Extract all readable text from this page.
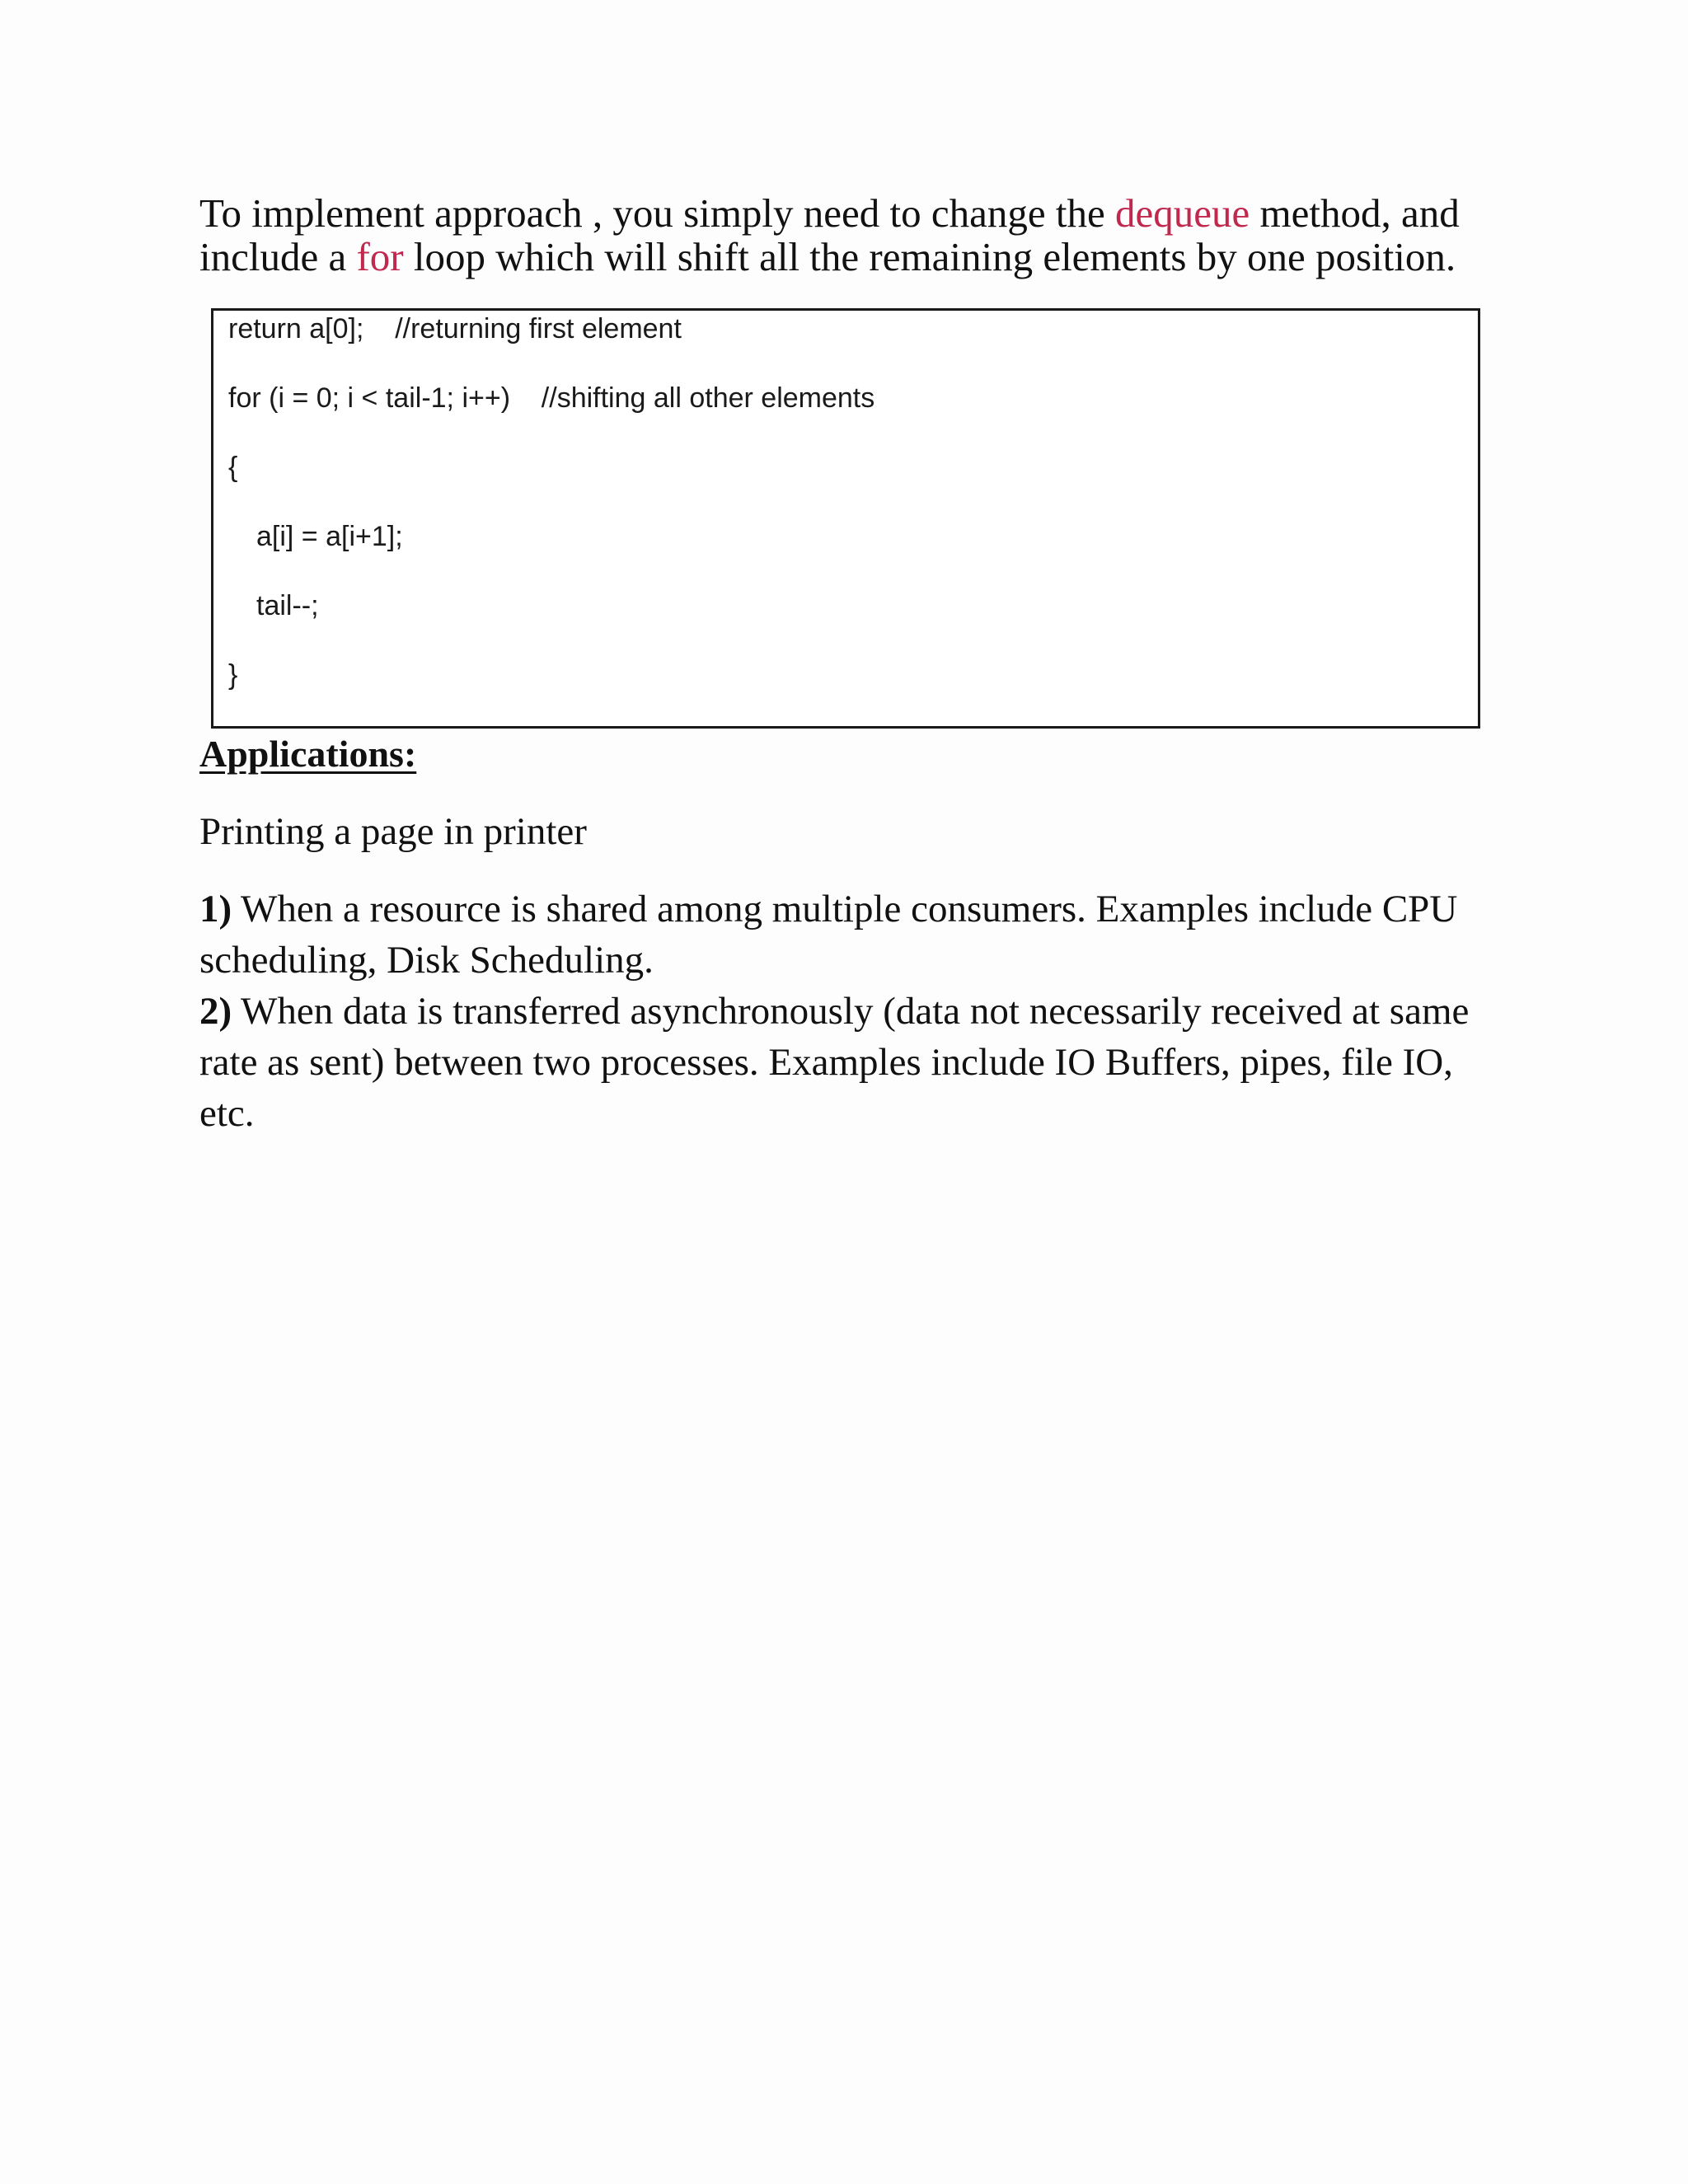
To implement approach , you simply need to change the dequeue method, and
include a for loop which will shift all the remaining elements by one position.
return a[0];    //returning first element
for (i = 0; i < tail-1; i++)    //shifting all other elements
{
a[i] = a[i+1];
tail--;
}
Applications:
Printing a page in printer
1) When a resource is shared among multiple consumers. Examples include CPU
scheduling, Disk Scheduling.
2) When data is transferred asynchronously (data not necessarily received at same
rate as sent) between two processes. Examples include IO Buffers, pipes, file IO,
etc.
